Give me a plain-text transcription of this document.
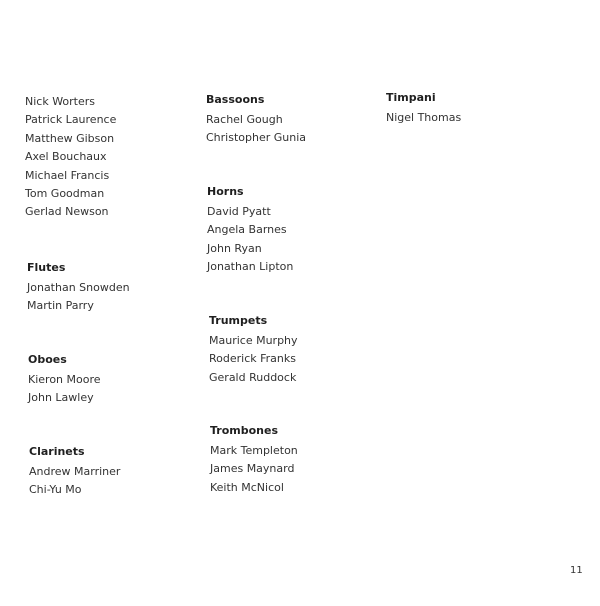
Nick Worters
Patrick Laurence
Matthew Gibson
Axel Bouchaux
Michael Francis
Tom Goodman
Gerlad Newson
Flutes
Jonathan Snowden
Martin Parry
Oboes
Kieron Moore
John Lawley
Clarinets
Andrew Marriner
Chi-Yu Mo
Bassoons
Rachel Gough
Christopher Gunia
Horns
David Pyatt
Angela Barnes
John Ryan
Jonathan Lipton
Trumpets
Maurice Murphy
Roderick Franks
Gerald Ruddock
Trombones
Mark Templeton
James Maynard
Keith McNicol
Timpani
Nigel Thomas
11
